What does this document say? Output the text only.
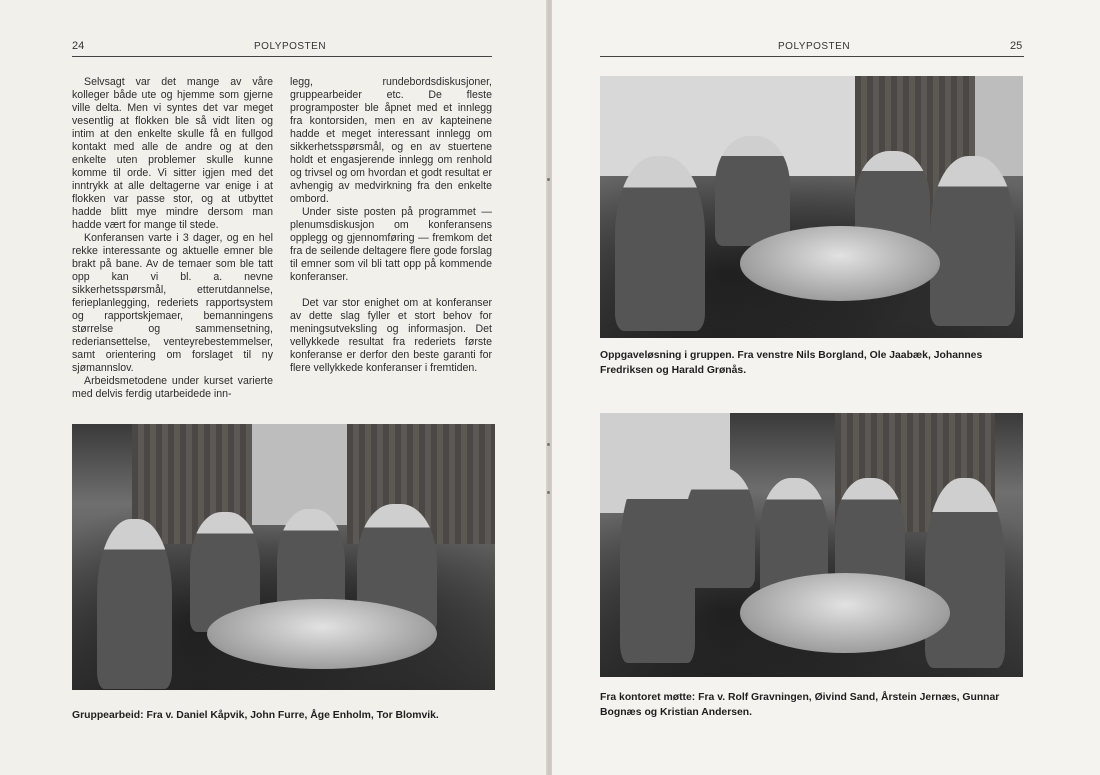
24	POLYPOSTEN

Selvsagt var det mange av våre kolleger både ute og hjemme som gjerne ville delta. Men vi syntes det var meget vesentlig at flokken ble så vidt liten og intim at den enkelte skulle få en fullgod kontakt med alle de andre og at den enkelte uten problemer skulle kunne komme til orde. Vi sitter igjen med det inntrykk at alle deltagerne var enige i at flokken var passe stor, og at utbyttet hadde blitt mye mindre dersom man hadde vært for mange til stede.

Konferansen varte i 3 dager, og en hel rekke interessante og aktuelle emner ble brakt på bane. Av de temaer som ble tatt opp kan vi bl. a. nevne sikkerhetsspørsmål, etterutdannelse, ferieplanlegging, rederiets rapportsystem og rapportskjemaer, bemanningens størrelse og sammensetning, rederiansettelse, venteyrebestemmelser, samt orientering om forslaget til ny sjømannslov.

Arbeidsmetodene under kurset varierte med delvis ferdig utarbeidede inn-

legg, rundebordsdiskusjoner, gruppearbeider etc. De fleste programposter ble åpnet med et innlegg fra kontorsiden, men en av kapteinene hadde et meget interessant innlegg om sikkerhetsspørsmål, og en av stuertene holdt et engasjerende innlegg om renhold og trivsel og om hvordan et godt resultat er avhengig av medvirkning fra den enkelte ombord.

Under siste posten på programmet — plenumsdiskusjon om konferansens opplegg og gjennomføring — fremkom det fra de seilende deltagere flere gode forslag til emner som vil bli tatt opp på kommende konferanser.

Det var stor enighet om at konferanser av dette slag fyller et stort behov for meningsutveksling og informasjon. Det vellykkede resultat fra rederiets første konferanse er derfor den beste garanti for flere vellykkede konferanser i fremtiden.

Gruppearbeid: Fra v. Daniel Kåpvik, John Furre, Åge Enholm, Tor Blomvik.
POLYPOSTEN	25
Oppgaveløsning i gruppen. Fra venstre Nils Borgland, Ole Jaabæk, Johannes Fredriksen og Harald Grønås.
Fra kontoret møtte: Fra v. Rolf Gravningen, Øivind Sand, Årstein Jernæs, Gunnar Bognæs og Kristian Andersen.
